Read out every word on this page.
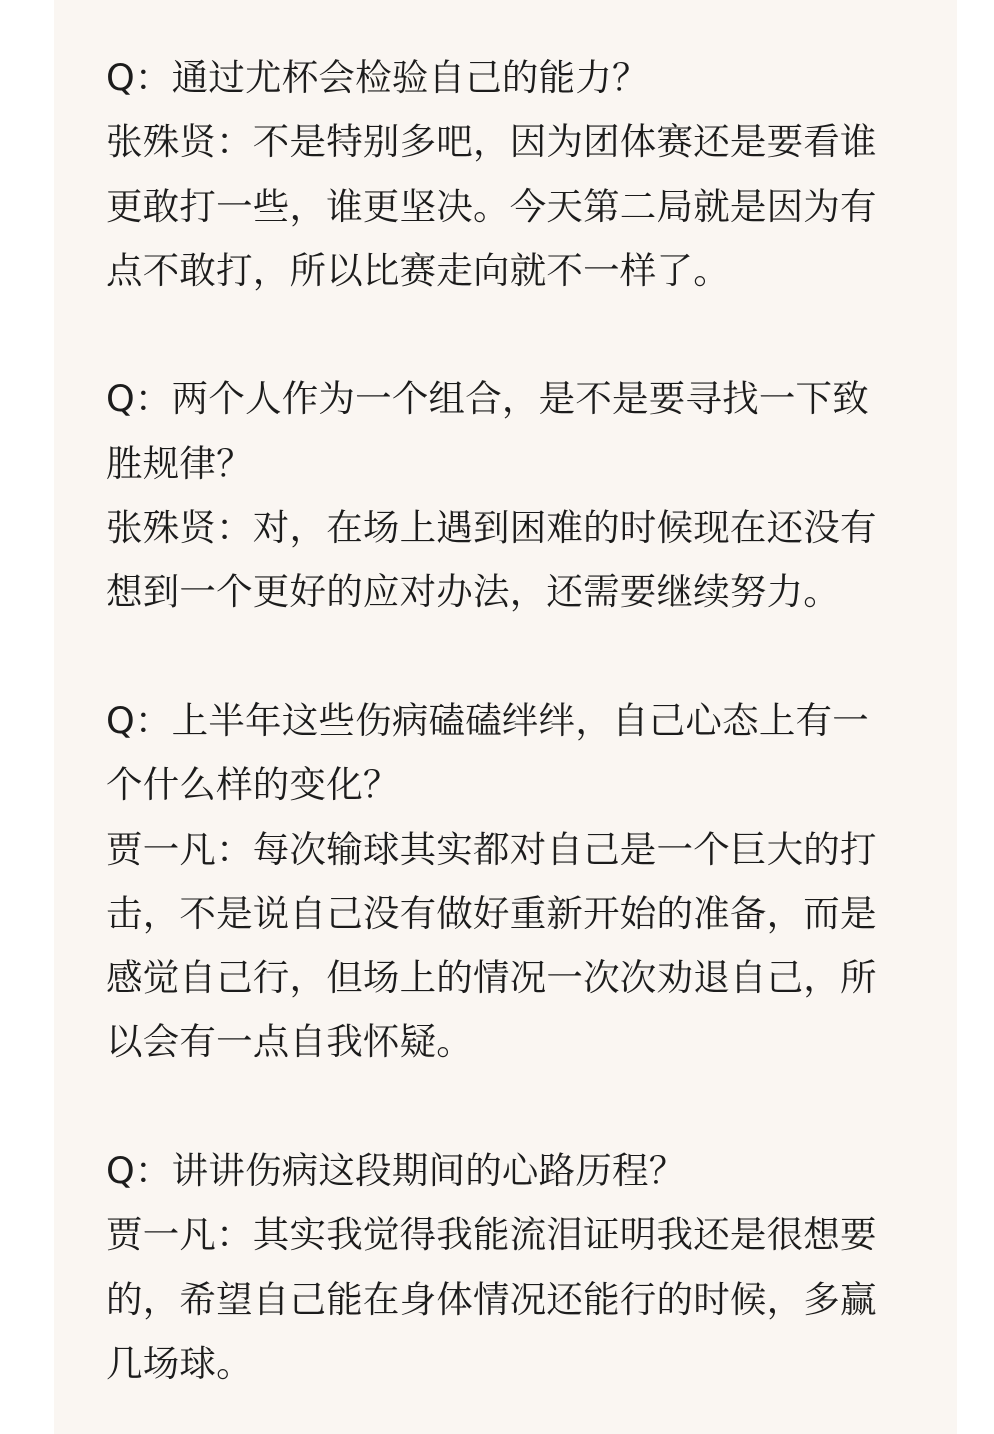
Q：通过尤杯会检验自己的能力？

张殊贤：不是特别多吧，因为团体赛还是要看谁
更敢打一些，谁更坚决。今天第二局就是因为有
点不敢打，所以比赛走向就不一样了。

Q：两个人作为一个组合，是不是要寻找一下致
胜规律？

张殊贤：对，在场上遇到困难的时候现在还没有
想到一个更好的应对办法，还需要继续努力。

Q：上半年这些伤病磕磕绊绊，自己心态上有一
个什么样的变化？

贾一凡：每次输球其实都对自己是一个巨大的打
击，不是说自己没有做好重新开始的准备，而是
感觉自己行，但场上的情况一次次劝退自己，所
以会有一点自我怀疑。

Q：讲讲伤病这段期间的心路历程？

贾一凡：其实我觉得我能流泪证明我还是很想要
的，希望自己能在身体情况还能行的时候，多赢
几场球。
